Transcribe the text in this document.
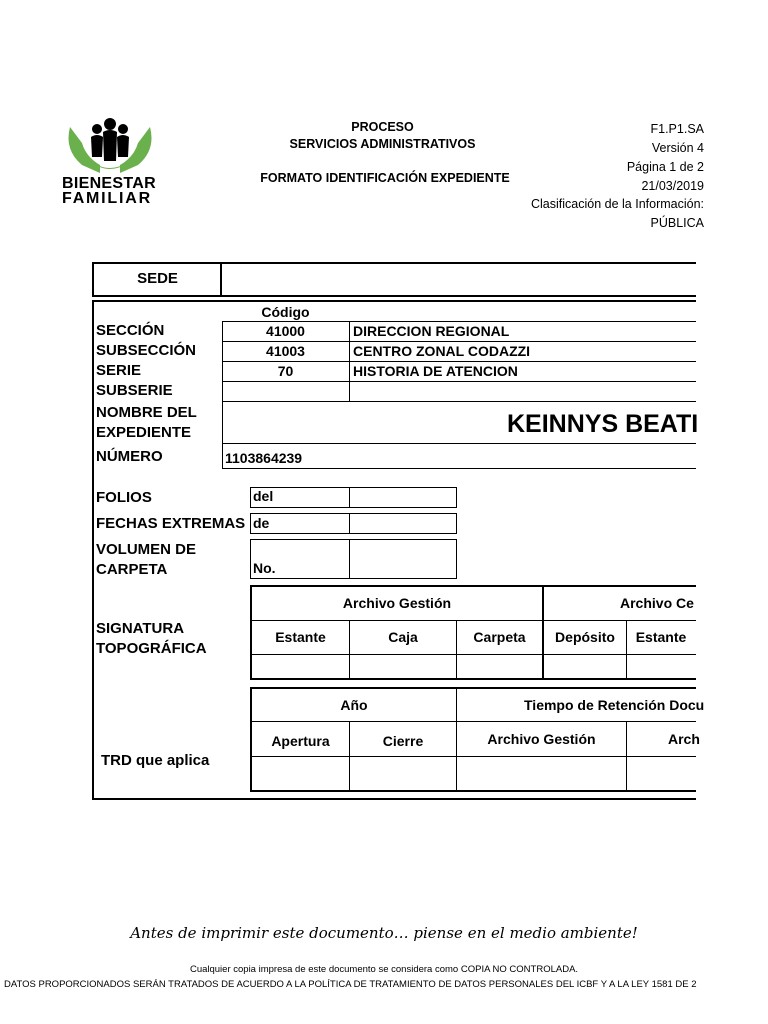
BIENESTAR
FAMILIAR
PROCESO
SERVICIOS ADMINISTRATIVOS
FORMATO IDENTIFICACIÓN EXPEDIENTE
F1.P1.SA
Versión 4
Página 1 de 2
21/03/2019
Clasificación de la Información:
PÚBLICA
SEDE
Código
SECCIÓN	41000	DIRECCION REGIONAL
SUBSECCIÓN	41003	CENTRO ZONAL CODAZZI
SERIE	70	HISTORIA DE ATENCION
SUBSERIE
NOMBRE DEL
EXPEDIENTE	KEINNYS BEATI
NÚMERO	1103864239
FOLIOS	del
FECHAS EXTREMAS de
VOLUMEN DE
CARPETA	No.
SIGNATURA
TOPOGRÁFICA
Archivo Gestión	Archivo Ce
Estante	Caja	Carpeta	Depósito	Estante
TRD que aplica
Año	Tiempo de Retención Docu
Apertura	Cierre	Archivo Gestión	Arch
Antes de imprimir este documento… piense en el medio ambiente!
Cualquier copia impresa de este documento se considera como COPIA NO CONTROLADA.
DATOS PROPORCIONADOS SERÁN TRATADOS DE ACUERDO A LA POLÍTICA DE TRATAMIENTO DE DATOS PERSONALES DEL ICBF Y A LA LEY 1581 DE 2
